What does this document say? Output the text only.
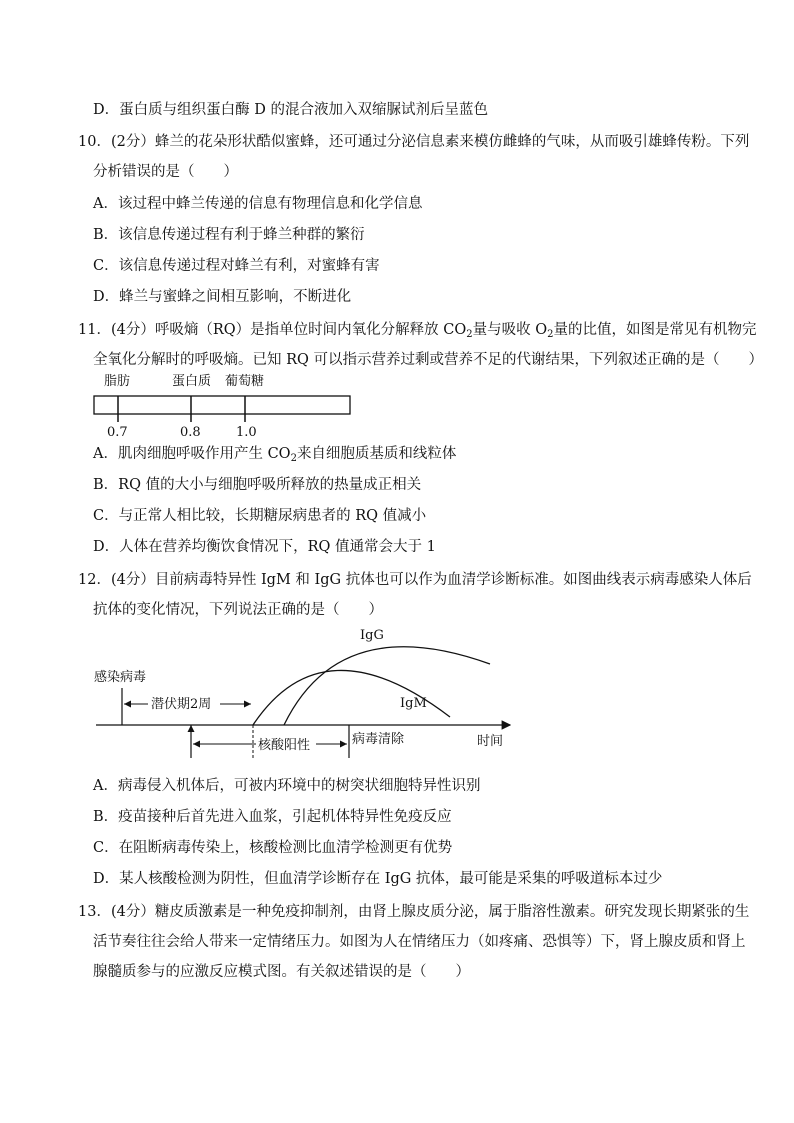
D．蛋白质与组织蛋白酶 D 的混合液加入双缩脲试剂后呈蓝色
10．(2分）蜂兰的花朵形状酷似蜜蜂，还可通过分泌信息素来模仿雌蜂的气味，从而吸引雄蜂传粉。下列
分析错误的是（　　）
A．该过程中蜂兰传递的信息有物理信息和化学信息
B．该信息传递过程有利于蜂兰种群的繁衍
C．该信息传递过程对蜂兰有利，对蜜蜂有害
D．蜂兰与蜜蜂之间相互影响，不断进化
11．(4分）呼吸熵（RQ）是指单位时间内氧化分解释放 $CO_2$量与吸收 $O_2$量的比值，如图是常见有机物完
全氧化分解时的呼吸熵。已知 RQ 可以指示营养过剩或营养不足的代谢结果，下列叙述正确的是（　　）
脂肪	蛋白质 葡萄糖
0.7	0.8	1.0
A．肌肉细胞呼吸作用产生 $CO_2$来自细胞质基质和线粒体
B．RQ 值的大小与细胞呼吸所释放的热量成正相关
C．与正常人相比较，长期糖尿病患者的 RQ 值减小
D．人体在营养均衡饮食情况下，RQ 值通常会大于 1
12．(4分）目前病毒特异性 IgM 和 IgG 抗体也可以作为血清学诊断标准。如图曲线表示病毒感染人体后
抗体的变化情况，下列说法正确的是（　　）
时间
IgG
IgM
感染病毒
潜伏期2周
核酸阳性	病毒清除
A．病毒侵入机体后，可被内环境中的树突状细胞特异性识别
B．疫苗接种后首先进入血浆，引起机体特异性免疫反应
C．在阻断病毒传染上，核酸检测比血清学检测更有优势
D．某人核酸检测为阴性，但血清学诊断存在 IgG 抗体，最可能是采集的呼吸道标本过少
13．(4分）糖皮质激素是一种免疫抑制剂，由肾上腺皮质分泌，属于脂溶性激素。研究发现长期紧张的生
活节奏往往会给人带来一定情绪压力。如图为人在情绪压力（如疼痛、恐惧等）下，肾上腺皮质和肾上
腺髓质参与的应激反应模式图。有关叙述错误的是（　　）
